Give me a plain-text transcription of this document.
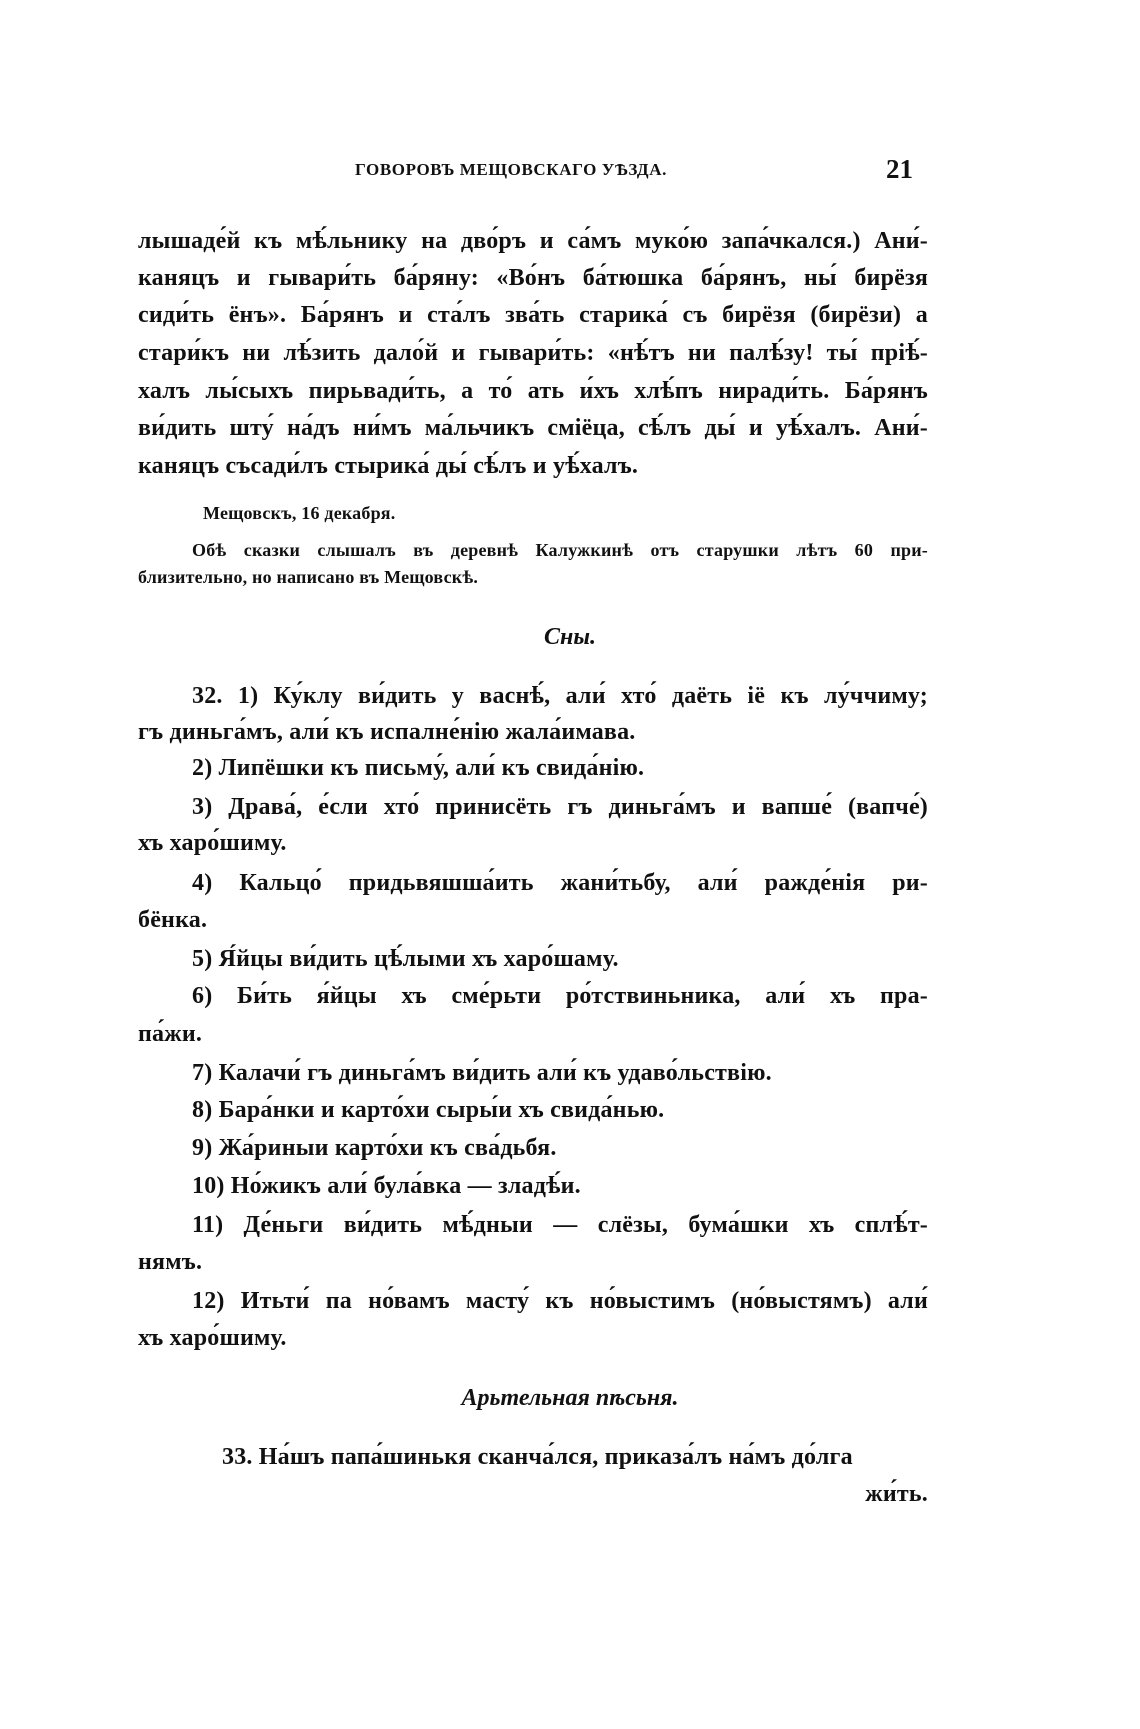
ГОВОРОВЪ МЕЩОВСКАГО УѢЗДА.	21
лышаде́й къ мѣ́льнику на дво́ръ и са́мъ муко́ю запа́чкался.) Ани́-
каняцъ и гывари́ть ба́ряну: «Во́нъ ба́тюшка ба́рянъ, ны́ бирёзя
сиди́ть ёнъ». Ба́рянъ и ста́лъ зва́ть старика́ съ бирёзя (бирёзи) а
стари́къ ни лѣ́зить дало́й и гывари́ть: «нѣ́тъ ни палѣ́зу! ты́ пріѣ́-
халъ лы́сыхъ пирьвади́ть, а то́ ать и́хъ хлѣ́пъ ниради́ть. Ба́рянъ
ви́дить шту́ на́дъ ни́мъ ма́льчикъ сміёца, сѣ́лъ ды́ и уѣ́халъ. Ани́-
каняцъ съсади́лъ стырика́ ды́ сѣ́лъ и уѣ́халъ.
Мещовскъ, 16 декабря.
Обѣ сказки слышалъ въ деревнѣ Калужкинѣ отъ старушки лѣтъ 60 при-
близительно, но написано въ Мещовскѣ.
Сны.
32. 1) Ку́клу ви́дить у васнѣ́, али́ хто́ даёть іё къ лу́ччиму;
гъ диньга́мъ, али́ къ испалне́нію жала́имава.
2) Липёшки къ письму́, али́ къ свида́нію.
3) Драва́, е́сли хто́ принисёть гъ диньга́мъ и вапше́ (вапче́)
хъ харо́шиму.
4) Кальцо́ придьвяшша́ить жани́тьбу, али́ ражде́нія ри-
бёнка.
5) Я́йцы ви́дить цѣ́лыми хъ харо́шаму.
6) Би́ть я́йцы хъ сме́рьти ро́тствиньника, али́ хъ пра-
па́жи.
7) Калачи́ гъ диньга́мъ ви́дить али́ къ удаво́льствію.
8) Бара́нки и карто́хи сыры́и хъ свида́нью.
9) Жа́риныи карто́хи къ сва́дьбя.
10) Но́жикъ али́ була́вка — зладѣ́и.
11) Де́ньги ви́дить мѣ́дныи — слёзы, бума́шки хъ сплѣ́т-
нямъ.
12) Итьти́ па но́вамъ масту́ къ но́выстимъ (но́выстямъ) али́
хъ харо́шиму.
Арьтельная пѣсьня.
33. На́шъ папа́шинькя сканча́лся, приказа́лъ на́мъ до́лга
жи́ть.
